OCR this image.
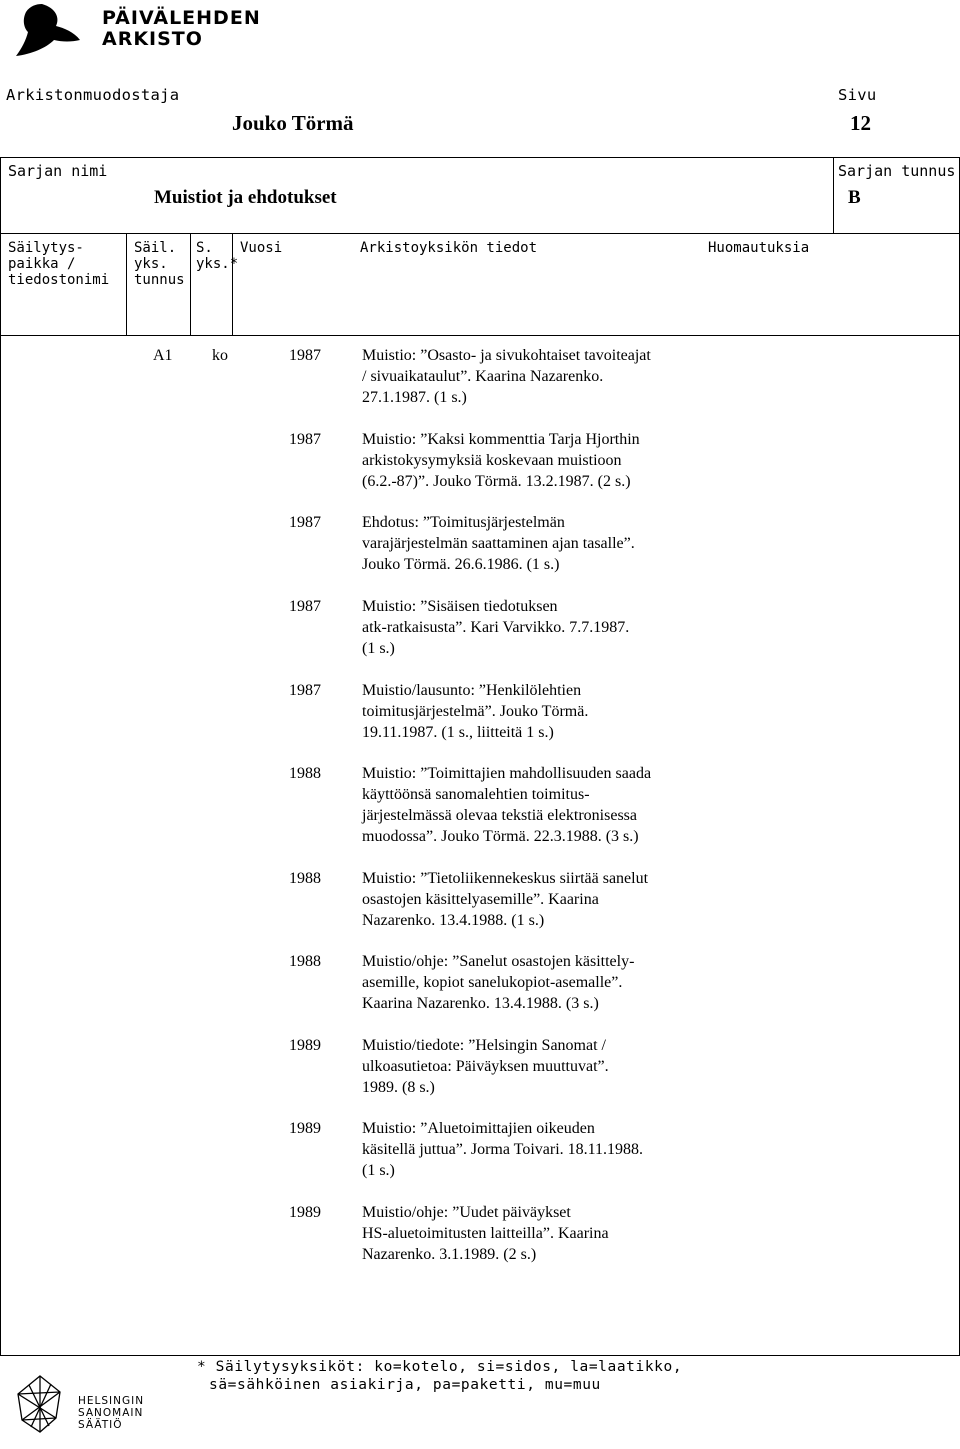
PÄIVÄLEHDEN
ARKISTO
Arkistonmuodostaja
Jouko Törmä
Sivu
12
Sarjan nimi
Muistiot ja ehdotukset
Sarjan tunnus
B
Säilytys-
paikka /
tiedostonimi
Säil.
yks.
tunnus
S.
yks.*
Vuosi	Arkistoyksikön tiedot	Huomautuksia
A1 ko	1987	Muistio: ”Osasto- ja sivukohtaiset tavoiteajat
/ sivuaikataulut”. Kaarina Nazarenko.
27.1.1987. (1 s.)
1987	Muistio: ”Kaksi kommenttia Tarja Hjorthin
arkistokysymyksiä koskevaan muistioon
(6.2.-87)”. Jouko Törmä. 13.2.1987. (2 s.)
1987	Ehdotus: ”Toimitusjärjestelmän
varajärjestelmän saattaminen ajan tasalle”.
Jouko Törmä. 26.6.1986. (1 s.)
1987	Muistio: ”Sisäisen tiedotuksen
atk-ratkaisusta”. Kari Varvikko. 7.7.1987.
(1 s.)
1987	Muistio/lausunto: ”Henkilölehtien
toimitusjärjestelmä”. Jouko Törmä.
19.11.1987. (1 s., liitteitä 1 s.)
1988	Muistio: ”Toimittajien mahdollisuuden saada
käyttöönsä sanomalehtien toimitus-
järjestelmässä olevaa tekstiä elektronisessa
muodossa”. Jouko Törmä. 22.3.1988. (3 s.)
1988	Muistio: ”Tietoliikennekeskus siirtää sanelut
osastojen käsittelyasemille”. Kaarina
Nazarenko. 13.4.1988. (1 s.)
1988	Muistio/ohje: ”Sanelut osastojen käsittely-
asemille, kopiot sanelukopiot-asemalle”.
Kaarina Nazarenko. 13.4.1988. (3 s.)
1989	Muistio/tiedote: ”Helsingin Sanomat /
ulkoasutietoa: Päiväyksen muuttuvat”.
1989. (8 s.)
1989	Muistio: ”Aluetoimittajien oikeuden
käsitellä juttua”. Jorma Toivari. 18.11.1988.
(1 s.)
1989	Muistio/ohje: ”Uudet päiväykset
HS-aluetoimitusten laitteilla”. Kaarina
Nazarenko. 3.1.1989. (2 s.)
* Säilytysyksiköt: ko=kotelo, si=sidos, la=laatikko,
sä=sähköinen asiakirja, pa=paketti, mu=muu
HELSINGIN
SANOMAIN
SÄÄTIÖ
